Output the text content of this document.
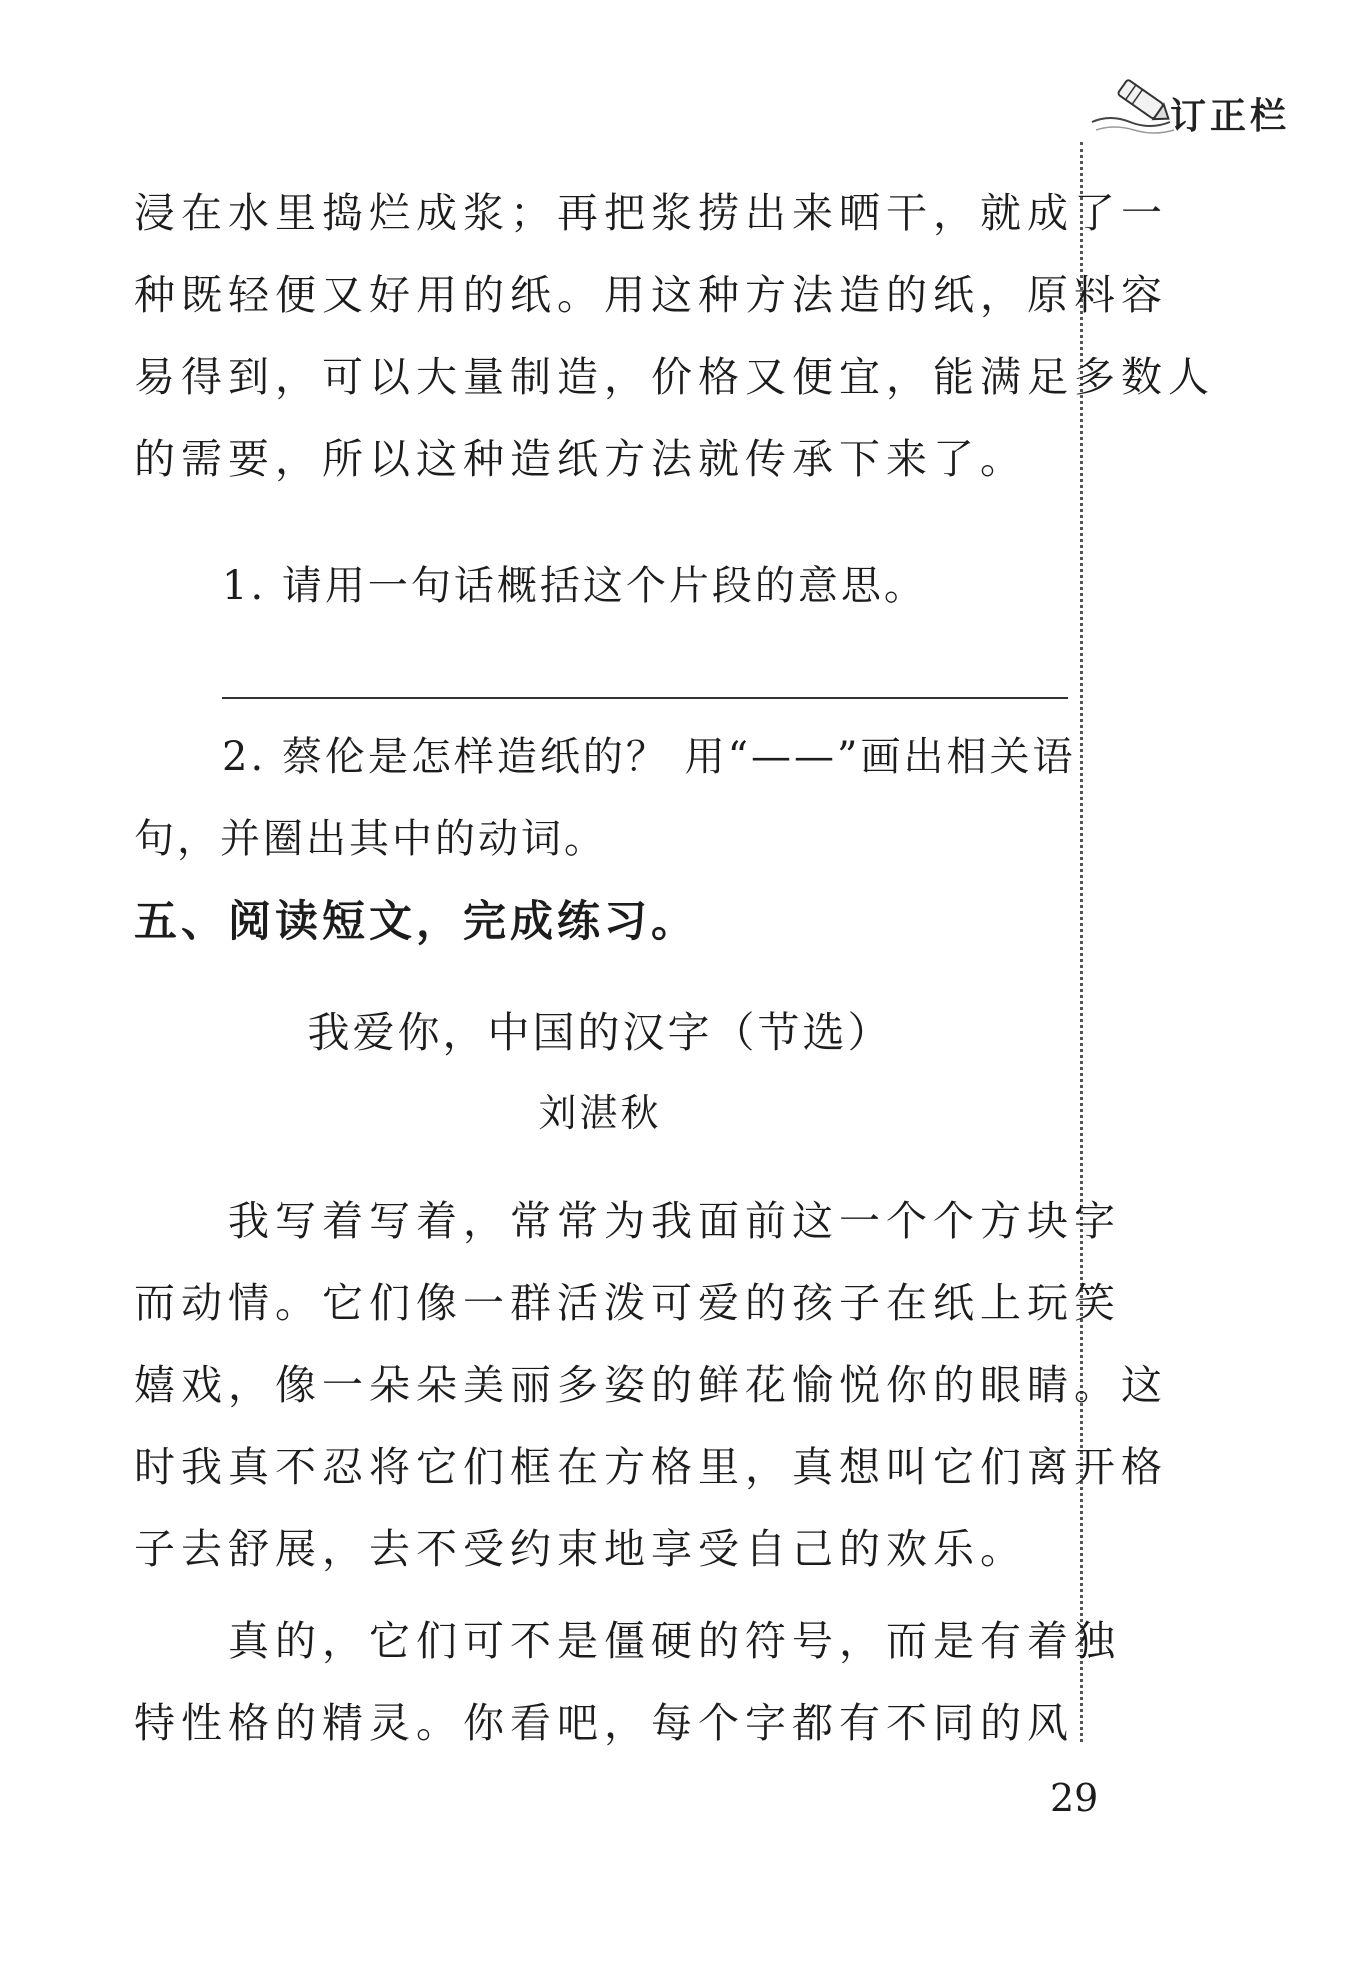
订正栏
浸在水里捣烂成浆；再把浆捞出来晒干，就成了一
种既轻便又好用的纸。用这种方法造的纸，原料容
易得到，可以大量制造，价格又便宜，能满足多数人
的需要，所以这种造纸方法就传承下来了。
1. 请用一句话概括这个片段的意思。
2. 蔡伦是怎样造纸的？ 用“——”画出相关语
句，并圈出其中的动词。
五、阅读短文，完成练习。
我爱你，中国的汉字（节选）
刘湛秋
　　我写着写着，常常为我面前这一个个方块字
而动情。它们像一群活泼可爱的孩子在纸上玩笑
嬉戏，像一朵朵美丽多姿的鲜花愉悦你的眼睛。这
时我真不忍将它们框在方格里，真想叫它们离开格
子去舒展，去不受约束地享受自己的欢乐。
　　真的，它们可不是僵硬的符号，而是有着独
特性格的精灵。你看吧，每个字都有不同的风
29
